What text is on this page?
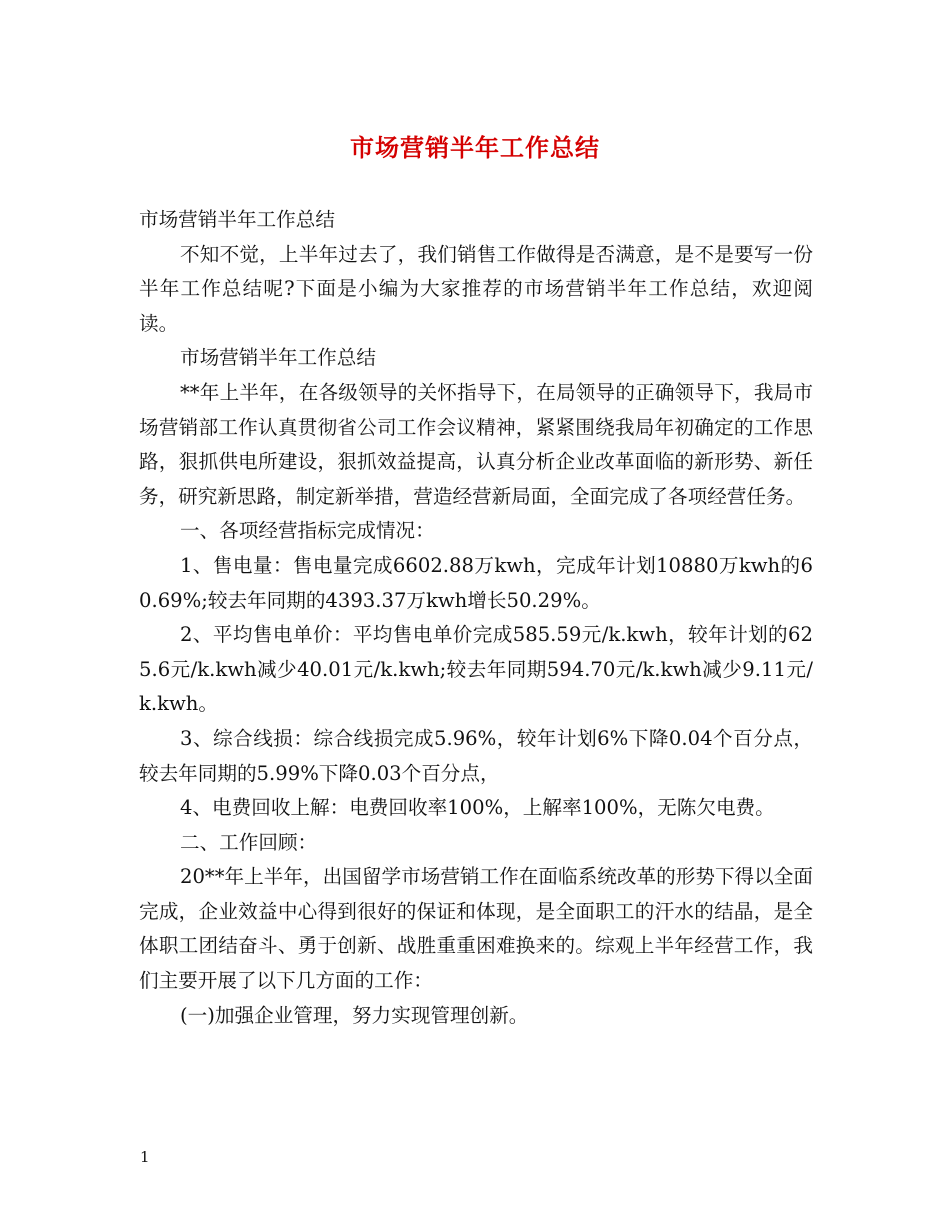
市场营销半年工作总结

市场营销半年工作总结

不知不觉，上半年过去了，我们销售工作做得是否满意，是不是要写一份半年工作总结呢?下面是小编为大家推荐的市场营销半年工作总结，欢迎阅读。

市场营销半年工作总结

**年上半年，在各级领导的关怀指导下，在局领导的正确领导下，我局市场营销部工作认真贯彻省公司工作会议精神，紧紧围绕我局年初确定的工作思路，狠抓供电所建设，狠抓效益提高，认真分析企业改革面临的新形势、新任务，研究新思路，制定新举措，营造经营新局面，全面完成了各项经营任务。

一、各项经营指标完成情况：

1、售电量：售电量完成6602.88万kwh，完成年计划10880万kwh的60.69%;较去年同期的4393.37万kwh增长50.29%。

2、平均售电单价：平均售电单价完成585.59元/k.kwh，较年计划的625.6元/k.kwh减少40.01元/k.kwh;较去年同期594.70元/k.kwh减少9.11元/k.kwh。

3、综合线损：综合线损完成5.96%，较年计划6%下降0.04个百分点，较去年同期的5.99%下降0.03个百分点，

4、电费回收上解：电费回收率100%，上解率100%，无陈欠电费。

二、工作回顾：

20**年上半年，出国留学市场营销工作在面临系统改革的形势下得以全面完成，企业效益中心得到很好的保证和体现，是全面职工的汗水的结晶，是全体职工团结奋斗、勇于创新、战胜重重困难换来的。综观上半年经营工作，我们主要开展了以下几方面的工作：

(一)加强企业管理，努力实现管理创新。

1
